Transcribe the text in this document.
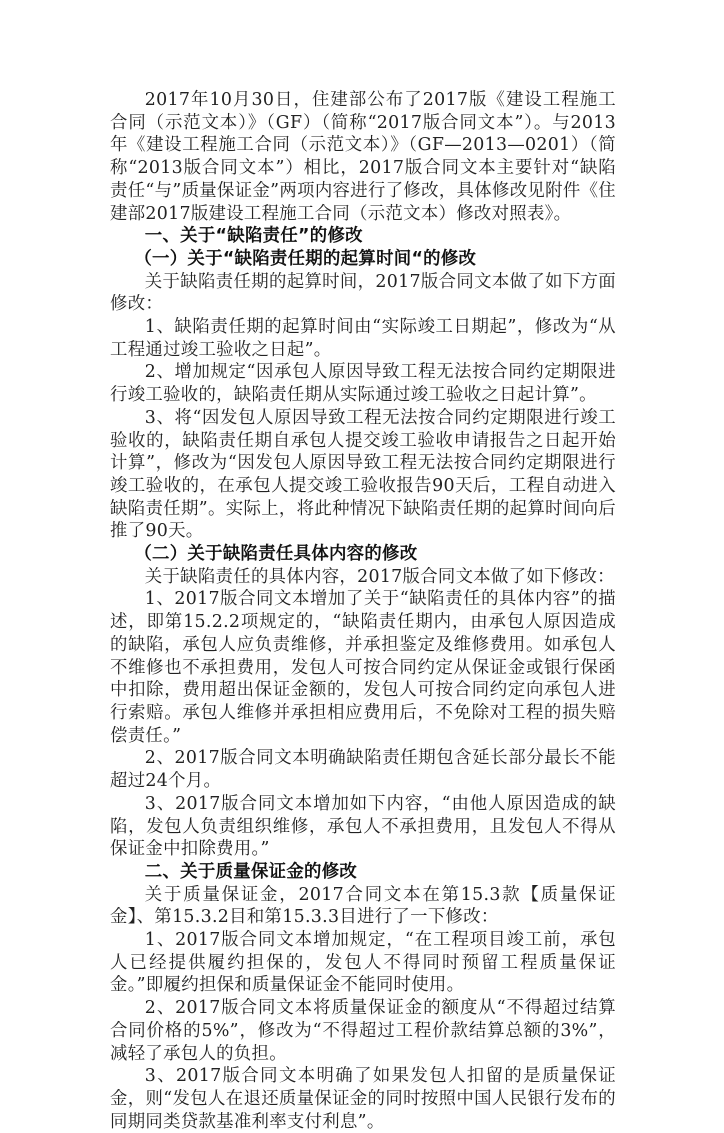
2017年10月30日，住建部公布了2017版《建设工程施工合同（示范文本）》（GF）（简称“2017版合同文本”）。与2013年《建设工程施工合同（示范文本）》（GF—2013—0201）（简称“2013版合同文本”）相比，2017版合同文本主要针对“缺陷责任“与”质量保证金”两项内容进行了修改，具体修改见附件《住建部2017版建设工程施工合同（示范文本）修改对照表》。

一、关于“缺陷责任”的修改

（一）关于“缺陷责任期的起算时间“的修改

关于缺陷责任期的起算时间，2017版合同文本做了如下方面修改：

1、缺陷责任期的起算时间由“实际竣工日期起”，修改为“从工程通过竣工验收之日起”。

2、增加规定“因承包人原因导致工程无法按合同约定期限进行竣工验收的，缺陷责任期从实际通过竣工验收之日起计算”。

3、将“因发包人原因导致工程无法按合同约定期限进行竣工验收的，缺陷责任期自承包人提交竣工验收申请报告之日起开始计算”，修改为“因发包人原因导致工程无法按合同约定期限进行竣工验收的，在承包人提交竣工验收报告90天后，工程自动进入缺陷责任期”。实际上，将此种情况下缺陷责任期的起算时间向后推了90天。

（二）关于缺陷责任具体内容的修改

关于缺陷责任的具体内容，2017版合同文本做了如下修改：

1、2017版合同文本增加了关于“缺陷责任的具体内容”的描述，即第15.2.2项规定的，“缺陷责任期内，由承包人原因造成的缺陷，承包人应负责维修，并承担鉴定及维修费用。如承包人不维修也不承担费用，发包人可按合同约定从保证金或银行保函中扣除，费用超出保证金额的，发包人可按合同约定向承包人进行索赔。承包人维修并承担相应费用后，不免除对工程的损失赔偿责任。”

2、2017版合同文本明确缺陷责任期包含延长部分最长不能超过24个月。

3、2017版合同文本增加如下内容，“由他人原因造成的缺陷，发包人负责组织维修，承包人不承担费用，且发包人不得从保证金中扣除费用。”

二、关于质量保证金的修改

关于质量保证金，2017合同文本在第15.3款【质量保证金】、第15.3.2目和第15.3.3目进行了一下修改：

1、2017版合同文本增加规定，“在工程项目竣工前，承包人已经提供履约担保的，发包人不得同时预留工程质量保证金。”即履约担保和质量保证金不能同时使用。

2、2017版合同文本将质量保证金的额度从“不得超过结算合同价格的5%”，修改为“不得超过工程价款结算总额的3%”，减轻了承包人的负担。

3、2017版合同文本明确了如果发包人扣留的是质量保证金，则“发包人在退还质量保证金的同时按照中国人民银行发布的同期同类贷款基准利率支付利息”。
